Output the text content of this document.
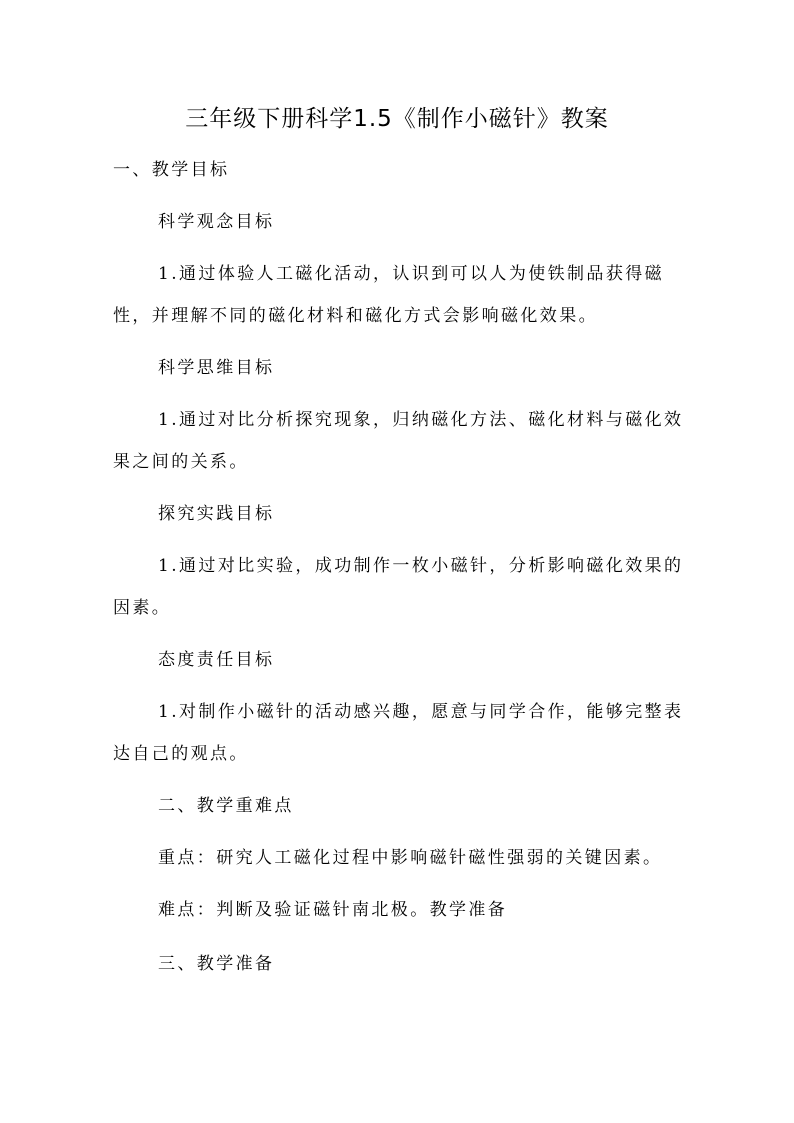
三年级下册科学1.5《制作小磁针》教案
一、教学目标
科学观念目标
1.通过体验人工磁化活动，认识到可以人为使铁制品获得磁
性，并理解不同的磁化材料和磁化方式会影响磁化效果。
科学思维目标
1.通过对比分析探究现象，归纳磁化方法、磁化材料与磁化效
果之间的关系。
探究实践目标
1.通过对比实验，成功制作一枚小磁针，分析影响磁化效果的
因素。
态度责任目标
1.对制作小磁针的活动感兴趣，愿意与同学合作，能够完整表
达自己的观点。
二、教学重难点
重点：研究人工磁化过程中影响磁针磁性强弱的关键因素。
难点：判断及验证磁针南北极。教学准备
三、教学准备
